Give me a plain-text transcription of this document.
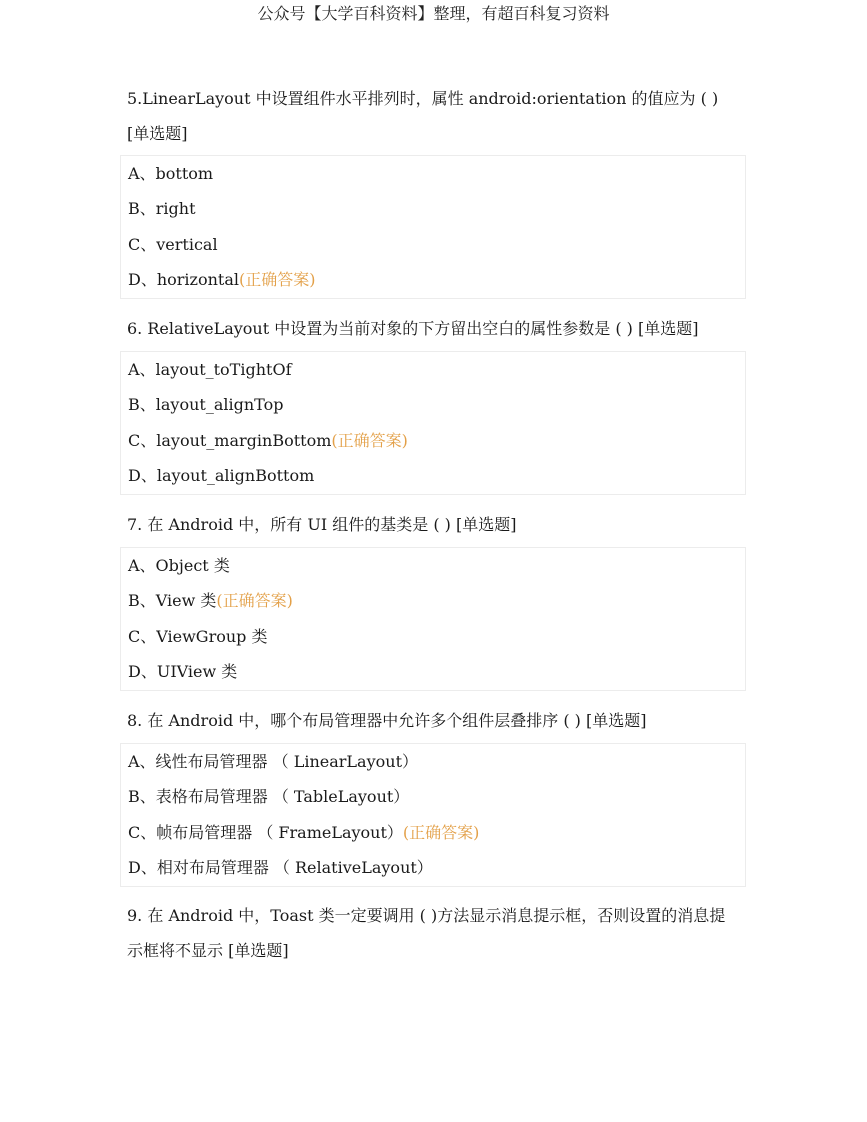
公众号【大学百科资料】整理，有超百科复习资料

5.LinearLayout 中设置组件水平排列时，属性 android:orientation 的值应为 ( ) [单选题]

A、bottom
B、right
C、vertical
D、horizontal(正确答案)

6. RelativeLayout 中设置为当前对象的下方留出空白的属性参数是 ( ) [单选题]

A、layout_toTightOf
B、layout_alignTop
C、layout_marginBottom(正确答案)
D、layout_alignBottom

7. 在 Android 中，所有 UI 组件的基类是 ( ) [单选题]

A、Object 类
B、View 类(正确答案)
C、ViewGroup 类
D、UIView 类

8. 在 Android 中，哪个布局管理器中允许多个组件层叠排序 ( ) [单选题]

A、线性布局管理器 （ LinearLayout）
B、表格布局管理器 （ TableLayout）
C、帧布局管理器 （ FrameLayout）(正确答案)
D、相对布局管理器 （ RelativeLayout）

9. 在 Android 中，Toast 类一定要调用 ( )方法显示消息提示框，否则设置的消息提示框将不显示 [单选题]
